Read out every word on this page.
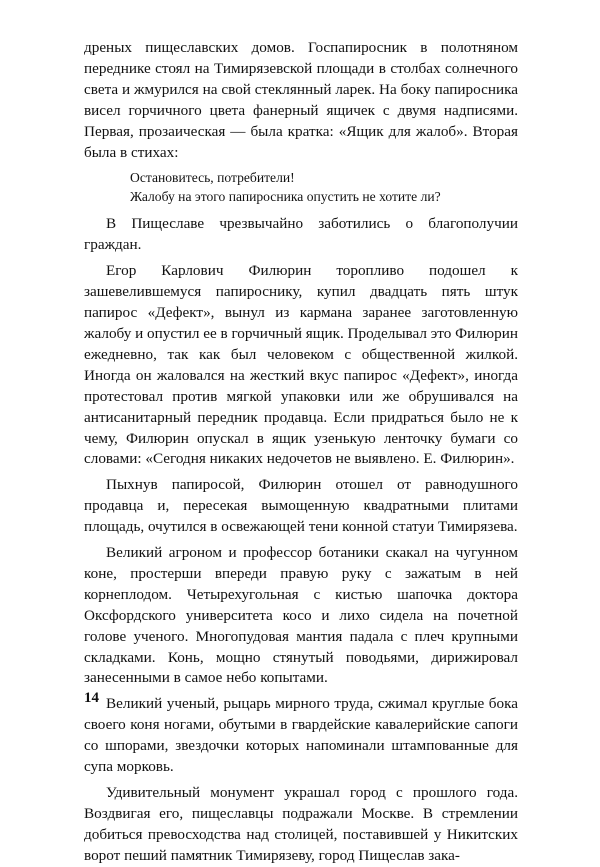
дреных пищеславских домов. Госпапиросник в полотняном переднике стоял на Тимирязевской площади в столбах солнечного света и жмурился на свой стеклянный ларек. На боку папиросника висел горчичного цвета фанерный ящичек с двумя надписями. Первая, прозаическая — была кратка: «Ящик для жалоб». Вторая была в стихах:

Остановитесь, потребители!
Жалобу на этого папиросника опустить не хотите ли?

В Пищеславе чрезвычайно заботились о благополучии граждан.

Егор Карлович Филюрин торопливо подошел к зашевелившемуся папироснику, купил двадцать пять штук папирос «Дефект», вынул из кармана заранее заготовленную жалобу и опустил ее в горчичный ящик. Проделывал это Филюрин ежедневно, так как был человеком с общественной жилкой. Иногда он жаловался на жесткий вкус папирос «Дефект», иногда протестовал против мягкой упаковки или же обрушивался на антисанитарный передник продавца. Если придраться было не к чему, Филюрин опускал в ящик узенькую ленточку бумаги со словами: «Сегодня никаких недочетов не выявлено. Е. Филюрин».

Пыхнув папиросой, Филюрин отошел от равнодушного продавца и, пересекая вымощенную квадратными плитами площадь, очутился в освежающей тени конной статуи Тимирязева.

Великий агроном и профессор ботаники скакал на чугунном коне, простерши впереди правую руку с зажатым в ней корнеплодом. Четырехугольная с кистью шапочка доктора Оксфордского университета косо и лихо сидела на почетной голове ученого. Многопудовая мантия падала с плеч крупными складками. Конь, мощно стянутый поводьями, дирижировал занесенными в самое небо копытами.

Великий ученый, рыцарь мирного труда, сжимал круглые бока своего коня ногами, обутыми в гвардейские кавалерийские сапоги со шпорами, звездочки которых напоминали штампованные для супа морковь.

Удивительный монумент украшал город с прошлого года. Воздвигая его, пищеславцы подражали Москве. В стремлении добиться превосходства над столицей, поставившей у Никитских ворот пеший памятник Тимирязеву, город Пищеслав зака-

14
